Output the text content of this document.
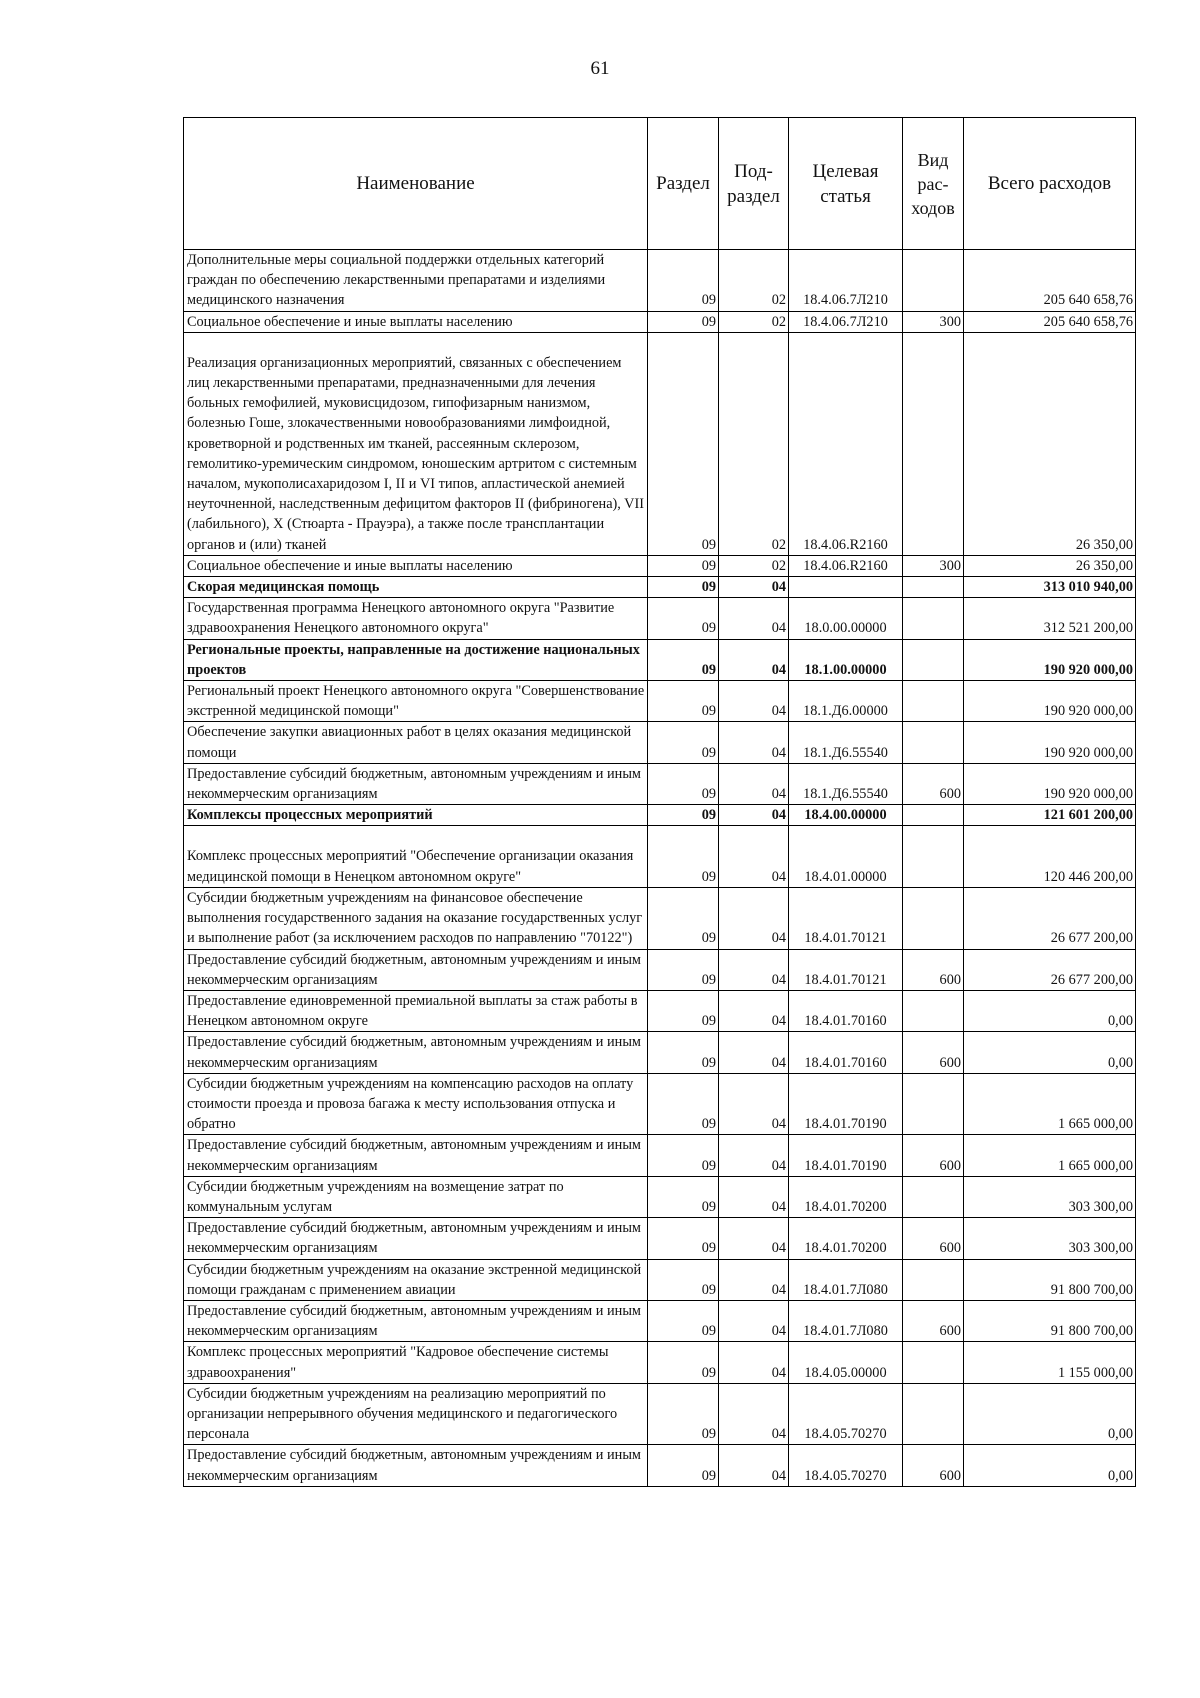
61
Наименование	Раздел	Под-раздел	Целевая статья	Вид рас-ходов	Всего расходов
Дополнительные меры социальной поддержки отдельных категорий граждан по обеспечению лекарственными препаратами и изделиями медицинского назначения	09	02	18.4.06.7Л210		205 640 658,76
Социальное обеспечение и иные выплаты населению	09	02	18.4.06.7Л210	300	205 640 658,76
Реализация организационных мероприятий, связанных с обеспечением лиц лекарственными препаратами, предназначенными для лечения больных гемофилией, муковисцидозом, гипофизарным нанизмом, болезнью Гоше, злокачественными новообразованиями лимфоидной, кроветворной и родственных им тканей, рассеянным склерозом, гемолитико-уремическим синдромом, юношеским артритом с системным началом, мукополисахаридозом I, II и VI типов, апластической анемией неуточненной, наследственным дефицитом факторов II (фибриногена), VII (лабильного), X (Стюарта - Прауэра), а также после трансплантации органов и (или) тканей	09	02	18.4.06.R2160		26 350,00
Социальное обеспечение и иные выплаты населению	09	02	18.4.06.R2160	300	26 350,00
Скорая медицинская помощь	09	04			313 010 940,00
Государственная программа Ненецкого автономного округа "Развитие здравоохранения Ненецкого автономного округа"	09	04	18.0.00.00000		312 521 200,00
Региональные проекты, направленные на достижение национальных проектов	09	04	18.1.00.00000		190 920 000,00
Региональный проект Ненецкого автономного округа "Совершенствование экстренной медицинской помощи"	09	04	18.1.Д6.00000		190 920 000,00
Обеспечение закупки авиационных работ в целях оказания медицинской помощи	09	04	18.1.Д6.55540		190 920 000,00
Предоставление субсидий бюджетным, автономным учреждениям и иным некоммерческим организациям	09	04	18.1.Д6.55540	600	190 920 000,00
Комплексы процессных мероприятий	09	04	18.4.00.00000		121 601 200,00
Комплекс процессных мероприятий "Обеспечение организации оказания медицинской помощи в Ненецком автономном округе"	09	04	18.4.01.00000		120 446 200,00
Субсидии бюджетным учреждениям на финансовое обеспечение выполнения государственного задания на оказание государственных услуг и выполнение работ (за исключением расходов по направлению "70122")	09	04	18.4.01.70121		26 677 200,00
Предоставление субсидий бюджетным, автономным учреждениям и иным некоммерческим организациям	09	04	18.4.01.70121	600	26 677 200,00
Предоставление единовременной премиальной выплаты за стаж работы в Ненецком автономном округе	09	04	18.4.01.70160		0,00
Предоставление субсидий бюджетным, автономным учреждениям и иным некоммерческим организациям	09	04	18.4.01.70160	600	0,00
Субсидии бюджетным учреждениям на компенсацию расходов на оплату стоимости проезда и провоза багажа к месту использования отпуска и обратно	09	04	18.4.01.70190		1 665 000,00
Предоставление субсидий бюджетным, автономным учреждениям и иным некоммерческим организациям	09	04	18.4.01.70190	600	1 665 000,00
Субсидии бюджетным учреждениям на возмещение затрат по коммунальным услугам	09	04	18.4.01.70200		303 300,00
Предоставление субсидий бюджетным, автономным учреждениям и иным некоммерческим организациям	09	04	18.4.01.70200	600	303 300,00
Субсидии бюджетным учреждениям на оказание экстренной медицинской помощи гражданам с применением авиации	09	04	18.4.01.7Л080		91 800 700,00
Предоставление субсидий бюджетным, автономным учреждениям и иным некоммерческим организациям	09	04	18.4.01.7Л080	600	91 800 700,00
Комплекс процессных мероприятий "Кадровое обеспечение системы здравоохранения"	09	04	18.4.05.00000		1 155 000,00
Субсидии бюджетным учреждениям на реализацию мероприятий по организации непрерывного обучения медицинского и педагогического персонала	09	04	18.4.05.70270		0,00
Предоставление субсидий бюджетным, автономным учреждениям и иным некоммерческим организациям	09	04	18.4.05.70270	600	0,00
